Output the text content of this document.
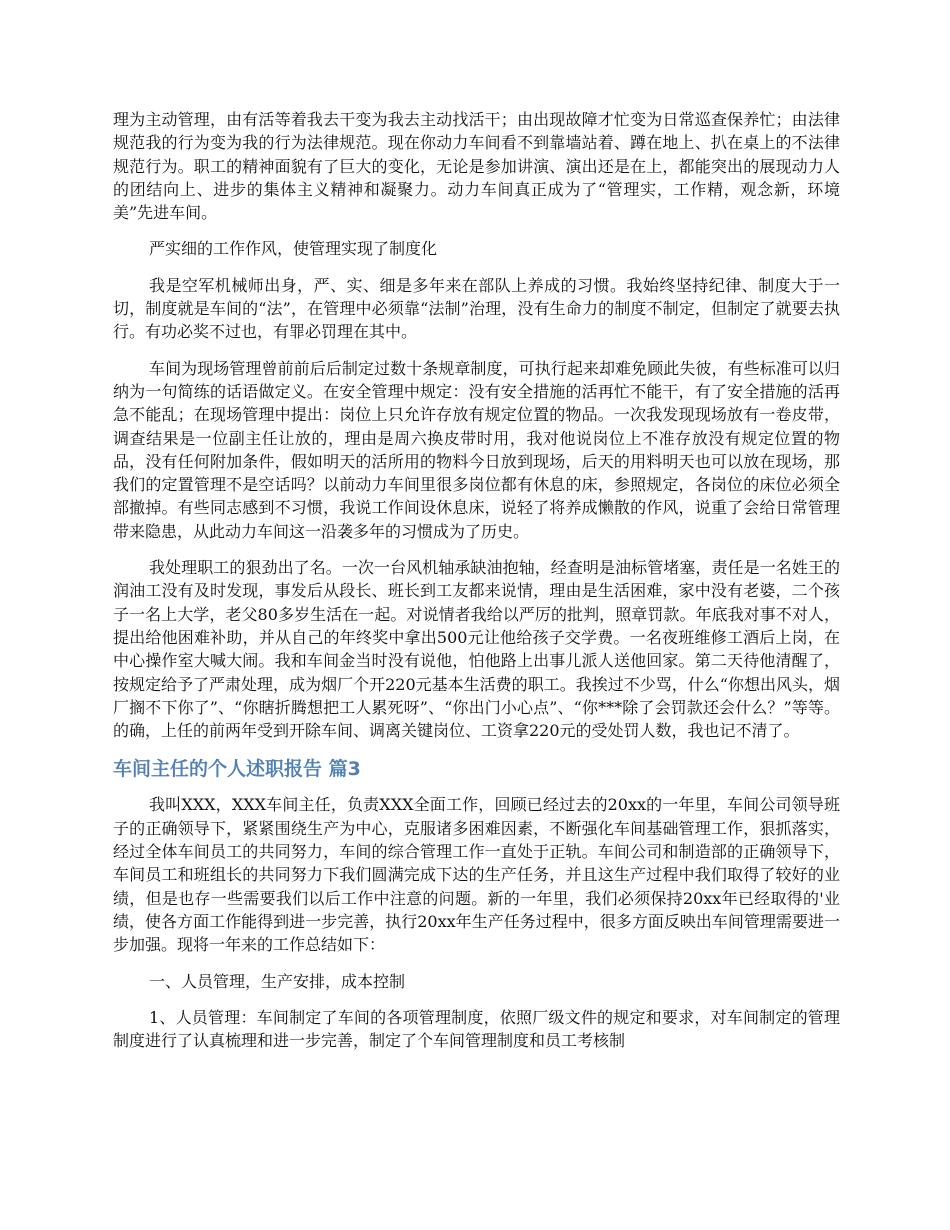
理为主动管理，由有活等着我去干变为我去主动找活干；由出现故障才忙变为日常巡查保养忙；由法律规范我的行为变为我的行为法律规范。现在你动力车间看不到靠墙站着、蹲在地上、扒在桌上的不法律规范行为。职工的精神面貌有了巨大的变化，无论是参加讲演、演出还是在上，都能突出的展现动力人的团结向上、进步的集体主义精神和凝聚力。动力车间真正成为了“管理实，工作精，观念新，环境美”先进车间。

严实细的工作作风，使管理实现了制度化

我是空军机械师出身，严、实、细是多年来在部队上养成的习惯。我始终坚持纪律、制度大于一切，制度就是车间的“法”，在管理中必须靠“法制”治理，没有生命力的制度不制定，但制定了就要去执行。有功必奖不过也，有罪必罚理在其中。

车间为现场管理曾前前后后制定过数十条规章制度，可执行起来却难免顾此失彼，有些标准可以归纳为一句简练的话语做定义。在安全管理中规定：没有安全措施的活再忙不能干，有了安全措施的活再急不能乱；在现场管理中提出：岗位上只允许存放有规定位置的物品。一次我发现现场放有一卷皮带，调查结果是一位副主任让放的，理由是周六换皮带时用，我对他说岗位上不准存放没有规定位置的物品，没有任何附加条件，假如明天的活所用的物料今日放到现场，后天的用料明天也可以放在现场，那我们的定置管理不是空话吗？以前动力车间里很多岗位都有休息的床，参照规定，各岗位的床位必须全部撤掉。有些同志感到不习惯，我说工作间设休息床，说轻了将养成懒散的作风，说重了会给日常管理带来隐患，从此动力车间这一沿袭多年的习惯成为了历史。

我处理职工的狠劲出了名。一次一台风机轴承缺油抱轴，经查明是油标管堵塞，责任是一名姓王的润油工没有及时发现，事发后从段长、班长到工友都来说情，理由是生活困难，家中没有老婆，二个孩子一名上大学，老父80多岁生活在一起。对说情者我给以严厉的批判，照章罚款。年底我对事不对人，提出给他困难补助，并从自己的年终奖中拿出500元让他给孩子交学费。一名夜班维修工酒后上岗，在中心操作室大喊大闹。我和车间金当时没有说他，怕他路上出事儿派人送他回家。第二天待他清醒了，按规定给予了严肃处理，成为烟厂个开220元基本生活费的职工。我挨过不少骂，什么“你想出风头，烟厂搁不下你了”、“你瞎折腾想把工人累死呀”、“你出门小心点”、“你***除了会罚款还会什么？”等等。的确，上任的前两年受到开除车间、调离关键岗位、工资拿220元的受处罚人数，我也记不清了。

车间主任的个人述职报告 篇3

我叫XXX，XXX车间主任，负责XXX全面工作，回顾已经过去的20xx的一年里，车间公司领导班子的正确领导下，紧紧围绕生产为中心，克服诸多困难因素，不断强化车间基础管理工作，狠抓落实，经过全体车间员工的共同努力，车间的综合管理工作一直处于正轨。车间公司和制造部的正确领导下，车间员工和班组长的共同努力下我们圆满完成下达的生产任务，并且这生产过程中我们取得了较好的业绩，但是也存一些需要我们以后工作中注意的问题。新的一年里，我们必须保持20xx年已经取得的'业绩，使各方面工作能得到进一步完善，执行20xx年生产任务过程中，很多方面反映出车间管理需要进一步加强。现将一年来的工作总结如下：

一、人员管理，生产安排，成本控制

1、人员管理：车间制定了车间的各项管理制度，依照厂级文件的规定和要求，对车间制定的管理制度进行了认真梳理和进一步完善，制定了个车间管理制度和员工考核制
